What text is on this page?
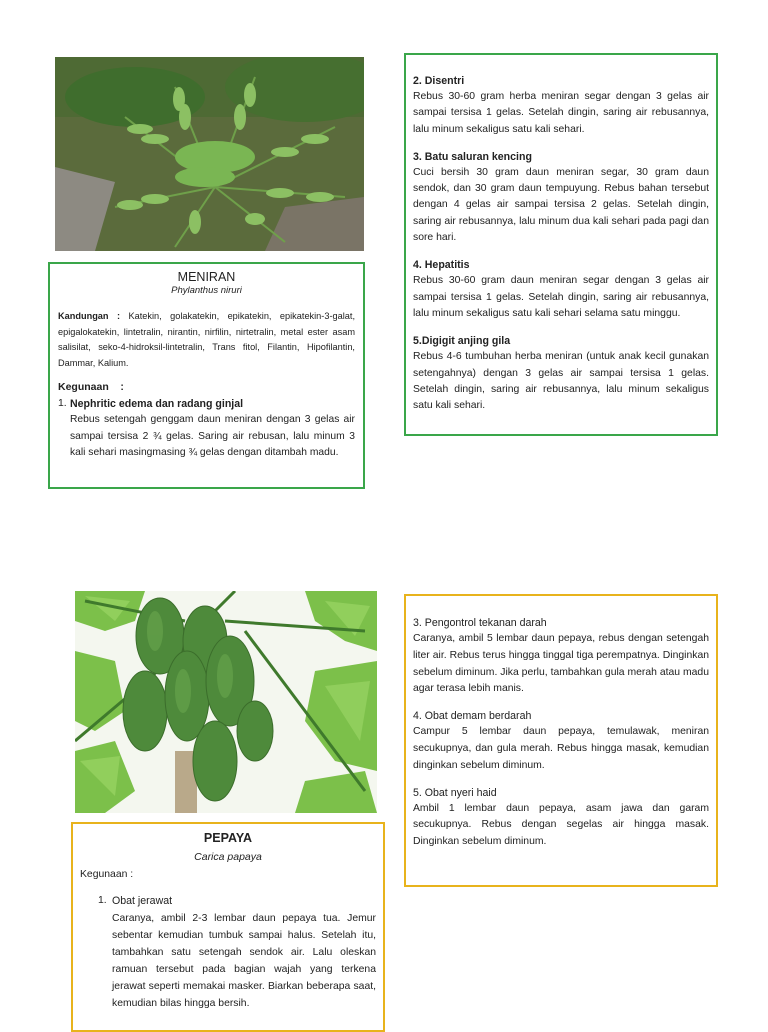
MENIRAN
Phylanthus niruri

Kandungan : Katekin, golakatekin, epikatekin, epikatekin-3-galat, epigalokatekin, lintetralin, nirantin, nirfilin, nirtetralin, metal ester asam salisilat, seko-4-hidroksil-lintetralin, Trans fitol, Filantin, Hipofilantin, Dammar, Kalium.

Kegunaan    :
1. Nephritic edema dan radang ginjal

Rebus setengah genggam daun meniran dengan 3 gelas air sampai tersisa 2 ¾ gelas. Saring air rebusan, lalu minum 3 kali sehari masingmasing ¾ gelas dengan ditambah madu.

2. Disentri

Rebus 30-60 gram herba meniran segar dengan 3 gelas air sampai tersisa 1 gelas. Setelah dingin, saring air rebusannya, lalu minum sekaligus satu kali sehari.

3. Batu saluran kencing

Cuci bersih 30 gram daun meniran segar, 30 gram daun sendok, dan 30 gram daun tempuyung. Rebus bahan tersebut dengan 4 gelas air sampai tersisa 2 gelas. Setelah dingin, saring air rebusannya, lalu minum dua kali sehari pada pagi dan sore hari.

4. Hepatitis

Rebus 30-60 gram daun meniran segar dengan 3 gelas air sampai tersisa 1 gelas. Setelah dingin, saring air rebusannya, lalu minum sekaligus satu kali sehari selama satu minggu.

5.Digigit anjing gila

Rebus 4-6 tumbuhan herba meniran (untuk anak kecil gunakan setengahnya) dengan 3 gelas air sampai tersisa 1 gelas. Setelah dingin, saring air rebusannya, lalu minum sekaligus satu kali sehari.

PEPAYA
Carica papaya
Kegunaan :
1. Obat jerawat

Caranya, ambil 2-3 lembar daun pepaya tua. Jemur sebentar kemudian tumbuk sampai halus. Setelah itu, tambahkan satu setengah sendok air. Lalu oleskan ramuan tersebut pada bagian wajah yang terkena jerawat seperti memakai masker. Biarkan beberapa saat, kemudian bilas hingga bersih.

3. Pengontrol tekanan darah

Caranya, ambil 5 lembar daun pepaya, rebus dengan setengah liter air. Rebus terus hingga tinggal tiga perempatnya. Dinginkan sebelum diminum. Jika perlu, tambahkan gula merah atau madu agar terasa lebih manis.

4. Obat demam berdarah

Campur 5 lembar daun pepaya, temulawak, meniran secukupnya, dan gula merah. Rebus hingga masak, kemudian dinginkan sebelum diminum.

5. Obat nyeri haid

Ambil 1 lembar daun pepaya, asam jawa dan garam secukupnya. Rebus dengan segelas air hingga masak. Dinginkan sebelum diminum.
